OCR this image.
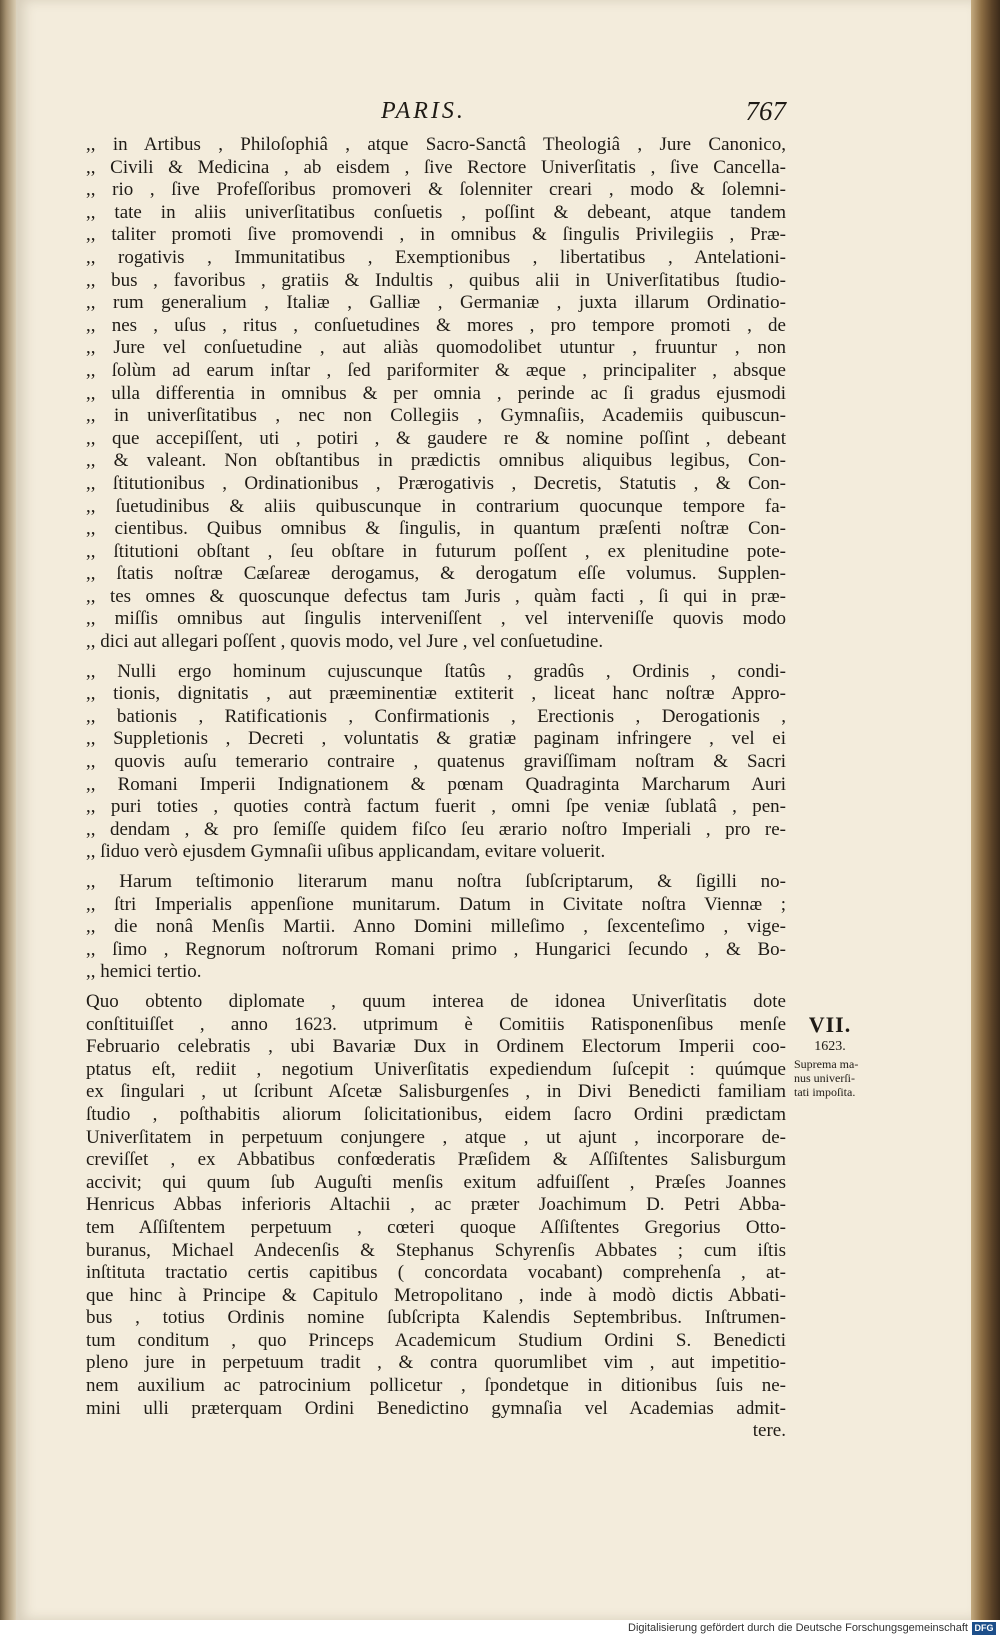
PARIS.	767
,, in Artibus , Philoſophiâ , atque Sacro-Sanctâ Theologiâ , Jure Canonico,
,, Civili & Medicina , ab eisdem , ſive Rectore Univerſitatis , ſive Cancella-
,, rio , ſive Profeſſoribus promoveri & ſolenniter creari , modo & ſolemni-
,, tate in aliis univerſitatibus conſuetis , poſſint & debeant, atque tandem
,, taliter promoti ſive promovendi , in omnibus & ſingulis Privilegiis , Præ-
,, rogativis , Immunitatibus , Exemptionibus , libertatibus , Antelationi-
,, bus , favoribus , gratiis & Indultis , quibus alii in Univerſitatibus ſtudio-
,, rum generalium , Italiæ , Galliæ , Germaniæ , juxta illarum Ordinatio-
,, nes , uſus , ritus , conſuetudines & mores , pro tempore promoti , de
,, Jure vel conſuetudine , aut aliàs quomodolibet utuntur , fruuntur , non
,, ſolùm ad earum inſtar , ſed pariformiter & æque , principaliter , absque
,, ulla differentia in omnibus & per omnia , perinde ac ſi gradus ejusmodi
,, in univerſitatibus , nec non Collegiis , Gymnaſiis, Academiis quibuscun-
,, que accepiſſent, uti , potiri , & gaudere re & nomine poſſint , debeant
,, & valeant. Non obſtantibus in prædictis omnibus aliquibus legibus, Con-
,, ſtitutionibus , Ordinationibus , Prærogativis , Decretis, Statutis , & Con-
,, ſuetudinibus & aliis quibuscunque in contrarium quocunque tempore fa-
,, cientibus. Quibus omnibus & ſingulis, in quantum præſenti noſtræ Con-
,, ſtitutioni obſtant , ſeu obſtare in futurum poſſent , ex plenitudine pote-
,, ſtatis noſtræ Cæſareæ derogamus, & derogatum eſſe volumus. Supplen-
,, tes omnes & quoscunque defectus tam Juris , quàm facti , ſi qui in præ-
,, miſſis omnibus aut ſingulis interveniſſent , vel interveniſſe quovis modo
,, dici aut allegari poſſent , quovis modo, vel Jure , vel conſuetudine.
,, Nulli ergo hominum cujuscunque ſtatûs , gradûs , Ordinis , condi-
,, tionis, dignitatis , aut præeminentiæ extiterit , liceat hanc noſtræ Appro-
,, bationis , Ratificationis , Confirmationis , Erectionis , Derogationis ,
,, Suppletionis , Decreti , voluntatis & gratiæ paginam infringere , vel ei
,, quovis auſu temerario contraire , quatenus graviſſimam noſtram & Sacri
,, Romani Imperii Indignationem & pœnam Quadraginta Marcharum Auri
,, puri toties , quoties contrà factum fuerit , omni ſpe veniæ ſublatâ , pen-
,, dendam , & pro ſemiſſe quidem fiſco ſeu ærario noſtro Imperiali , pro re-
,, ſiduo verò ejusdem Gymnaſii uſibus applicandam, evitare voluerit.
,, Harum teſtimonio literarum manu noſtra ſubſcriptarum, & ſigilli no-
,, ſtri Imperialis appenſione munitarum. Datum in Civitate noſtra Viennæ ;
,, die nonâ Menſis Martii. Anno Domini milleſimo , ſexcenteſimo , vige-
,, ſimo , Regnorum noſtrorum Romani primo , Hungarici ſecundo , & Bo-
,, hemici tertio.
Quo obtento diplomate , quum interea de idonea Univerſitatis dote
conſtituiſſet , anno 1623. utprimum è Comitiis Ratisponenſibus menſe
Februario celebratis , ubi Bavariæ Dux in Ordinem Electorum Imperii coo-
ptatus eſt, rediit , negotium Univerſitatis expediendum ſuſcepit : quúmque
ex ſingulari , ut ſcribunt Aſcetæ Salisburgenſes , in Divi Benedicti familiam
ſtudio , poſthabitis aliorum ſolicitationibus, eidem ſacro Ordini prædictam
Univerſitatem in perpetuum conjungere , atque , ut ajunt , incorporare de-
creviſſet , ex Abbatibus confœderatis Præſidem & Aſſiſtentes Salisburgum
accivit; qui quum ſub Auguſti menſis exitum adfuiſſent , Præſes Joannes
Henricus Abbas inferioris Altachii , ac præter Joachimum D. Petri Abba-
tem Aſſiſtentem perpetuum , cœteri quoque Aſſiſtentes Gregorius Otto-
buranus, Michael Andecenſis & Stephanus Schyrenſis Abbates ; cum iſtis
inſtituta tractatio certis capitibus ( concordata vocabant) comprehenſa , at-
que hinc à Principe & Capitulo Metropolitano , inde à modò dictis Abbati-
bus , totius Ordinis nomine ſubſcripta Kalendis Septembribus. Inſtrumen-
tum conditum , quo Princeps Academicum Studium Ordini S. Benedicti
pleno jure in perpetuum tradit , & contra quorumlibet vim , aut impetitio-
nem auxilium ac patrocinium pollicetur , ſpondetque in ditionibus ſuis ne-
mini ulli præterquam Ordini Benedictino gymnaſia vel Academias admit-
tere.
VII.
1623.
Suprema ma-
nus univerſi-
tati impoſita.
Digitalisierung gefördert durch die Deutsche Forschungsgemeinschaft DFG
